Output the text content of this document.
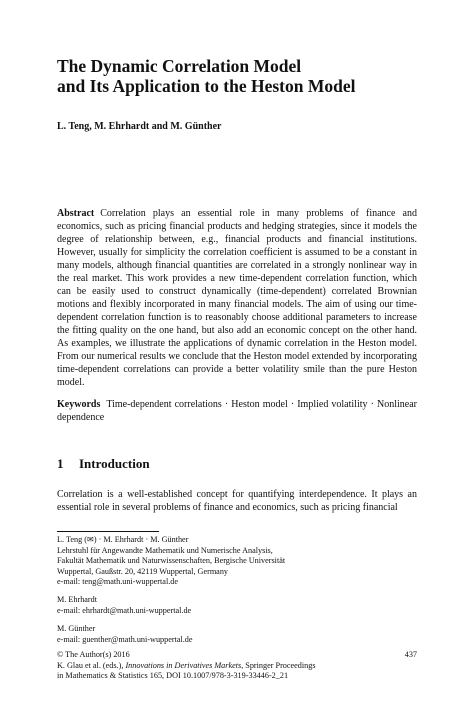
The Dynamic Correlation Model
and Its Application to the Heston Model
L. Teng, M. Ehrhardt and M. Günther

Abstract Correlation plays an essential role in many problems of finance and economics, such as pricing financial products and hedging strategies, since it models the degree of relationship between, e.g., financial products and financial institutions. However, usually for simplicity the correlation coefficient is assumed to be a constant in many models, although financial quantities are correlated in a strongly nonlinear way in the real market. This work provides a new time-dependent correlation function, which can be easily used to construct dynamically (time-dependent) correlated Brownian motions and flexibly incorporated in many financial models. The aim of using our time-dependent correlation function is to reasonably choose additional parameters to increase the fitting quality on the one hand, but also add an economic concept on the other hand. As examples, we illustrate the applications of dynamic correlation in the Heston model. From our numerical results we conclude that the Heston model extended by incorporating time-dependent correlations can provide a better volatility smile than the pure Heston model.

Keywords Time-dependent correlations · Heston model · Implied volatility · Nonlinear dependence

1 Introduction

Correlation is a well-established concept for quantifying interdependence. It plays an essential role in several problems of finance and economics, such as pricing financial

L. Teng (✉) · M. Ehrhardt · M. Günther
Lehrstuhl für Angewandte Mathematik und Numerische Analysis,
Fakultät Mathematik und Naturwissenschaften, Bergische Universität
Wuppertal, Gaußstr. 20, 42119 Wuppertal, Germany
e-mail: teng@math.uni-wuppertal.de
M. Ehrhardt
e-mail: ehrhardt@math.uni-wuppertal.de
M. Günther
e-mail: guenther@math.uni-wuppertal.de
© The Author(s) 2016	437
K. Glau et al. (eds.), Innovations in Derivatives Markets, Springer Proceedings
in Mathematics & Statistics 165, DOI 10.1007/978-3-319-33446-2_21
